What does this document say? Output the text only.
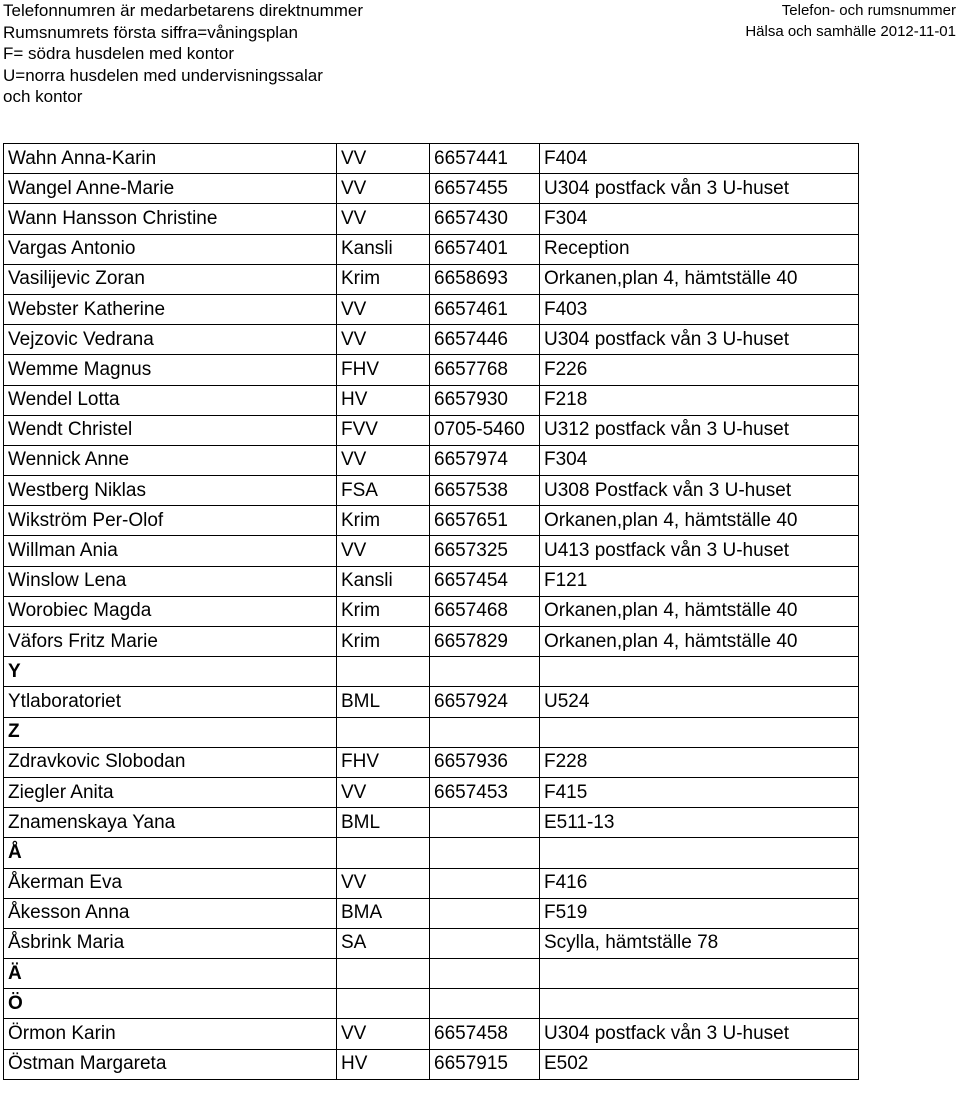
Telefonnumren är medarbetarens direktnummer
Rumsnumrets första siffra=våningsplan
F= södra husdelen med kontor
U=norra husdelen med undervisningssalar
och kontor
Telefon- och rumsnummer
Hälsa och samhälle 2012-11-01
Wahn Anna-Karin	VV	6657441	F404
Wangel Anne-Marie	VV	6657455	U304 postfack vån 3 U-huset
Wann Hansson Christine	VV	6657430	F304
Vargas Antonio	Kansli	6657401	Reception
Vasilijevic Zoran	Krim	6658693	Orkanen,plan 4, hämtställe 40
Webster Katherine	VV	6657461	F403
Vejzovic Vedrana	VV	6657446	U304 postfack vån 3 U-huset
Wemme Magnus	FHV	6657768	F226
Wendel Lotta	HV	6657930	F218
Wendt Christel	FVV	0705-5460	U312 postfack vån 3 U-huset
Wennick Anne	VV	6657974	F304
Westberg Niklas	FSA	6657538	U308 Postfack vån 3 U-huset
Wikström Per-Olof	Krim	6657651	Orkanen,plan 4, hämtställe 40
Willman Ania	VV	6657325	U413 postfack vån 3 U-huset
Winslow Lena	Kansli	6657454	F121
Worobiec Magda	Krim	6657468	Orkanen,plan 4, hämtställe 40
Väfors Fritz Marie	Krim	6657829	Orkanen,plan 4, hämtställe 40
Y			
Ytlaboratoriet	BML	6657924	U524
Z			
Zdravkovic Slobodan	FHV	6657936	F228
Ziegler Anita	VV	6657453	F415
Znamenskaya Yana	BML		E511-13
Å			
Åkerman Eva	VV		F416
Åkesson Anna	BMA		F519
Åsbrink Maria	SA		Scylla, hämtställe 78
Ä			
Ö			
Örmon Karin	VV	6657458	U304 postfack vån 3 U-huset
Östman Margareta	HV	6657915	E502
